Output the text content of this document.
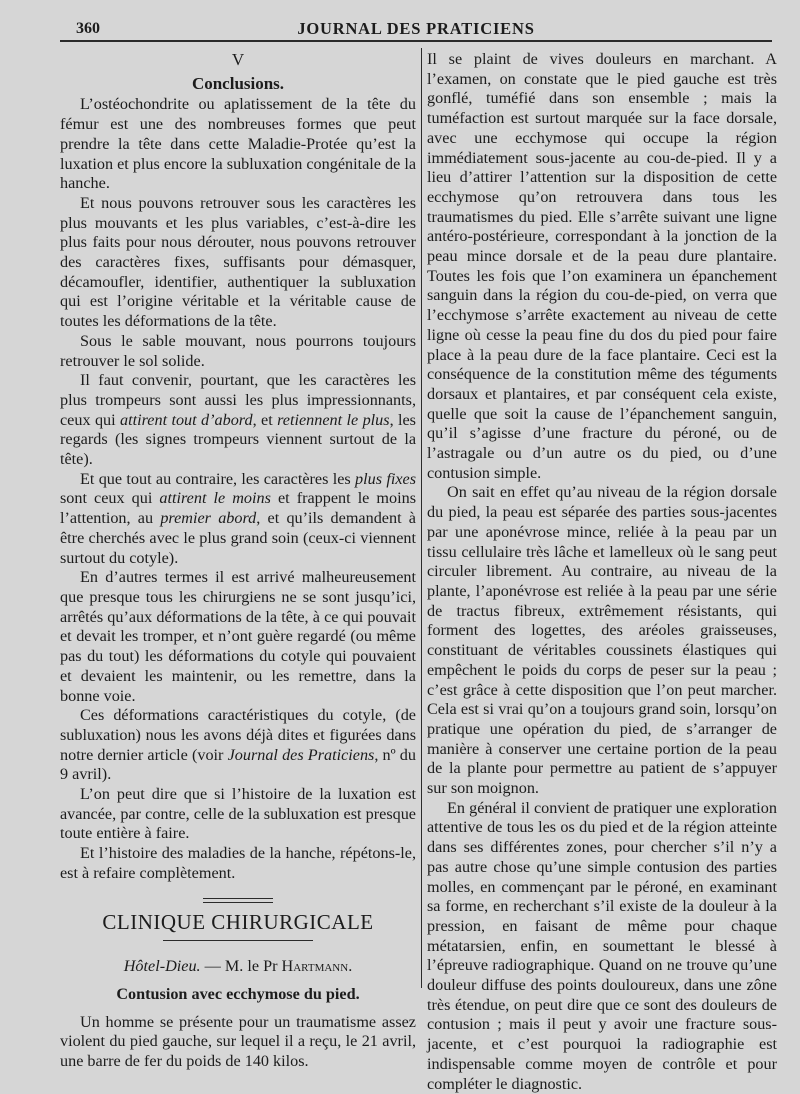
360	JOURNAL DES PRATICIENS
V
Conclusions.

L’ostéochondrite ou aplatissement de la tête du fémur est une des nombreuses formes que peut prendre la tête dans cette Maladie-Protée qu’est la luxation et plus encore la subluxation congénitale de la hanche.

Et nous pouvons retrouver sous les caractères les plus mouvants et les plus variables, c’est-à-dire les plus faits pour nous dérouter, nous pouvons retrouver des caractères fixes, suffisants pour démasquer, décamoufler, identifier, authentiquer la subluxation qui est l’origine véritable et la véritable cause de toutes les déformations de la tête.

Sous le sable mouvant, nous pourrons toujours retrouver le sol solide.

Il faut convenir, pourtant, que les caractères les plus trompeurs sont aussi les plus impressionnants, ceux qui attirent tout d’abord, et retiennent le plus, les regards (les signes trompeurs viennent surtout de la tête).

Et que tout au contraire, les caractères les plus fixes sont ceux qui attirent le moins et frappent le moins l’attention, au premier abord, et qu’ils demandent à être cherchés avec le plus grand soin (ceux-ci viennent surtout du cotyle).

En d’autres termes il est arrivé malheureusement que presque tous les chirurgiens ne se sont jusqu’ici, arrêtés qu’aux déformations de la tête, à ce qui pouvait et devait les tromper, et n’ont guère regardé (ou même pas du tout) les déformations du cotyle qui pouvaient et devaient les maintenir, ou les remettre, dans la bonne voie.

Ces déformations caractéristiques du cotyle, (de subluxation) nous les avons déjà dites et figurées dans notre dernier article (voir Journal des Praticiens, nº du 9 avril).

L’on peut dire que si l’histoire de la luxation est avancée, par contre, celle de la subluxation est presque toute entière à faire.

Et l’histoire des maladies de la hanche, répétons-le, est à refaire complètement.

CLINIQUE CHIRURGICALE
Hôtel-Dieu. — M. le Pr Hartmann.
Contusion avec ecchymose du pied.

Un homme se présente pour un traumatisme assez violent du pied gauche, sur lequel il a reçu, le 21 avril, une barre de fer du poids de 140 kilos.

Il se plaint de vives douleurs en marchant. A l’examen, on constate que le pied gauche est très gonflé, tuméfié dans son ensemble ; mais la tuméfaction est surtout marquée sur la face dorsale, avec une ecchymose qui occupe la région immédiatement sous-jacente au cou-de-pied. Il y a lieu d’attirer l’attention sur la disposition de cette ecchymose qu’on retrouvera dans tous les traumatismes du pied. Elle s’arrête suivant une ligne antéro-postérieure, correspondant à la jonction de la peau mince dorsale et de la peau dure plantaire. Toutes les fois que l’on examinera un épanchement sanguin dans la région du cou-de-pied, on verra que l’ecchymose s’arrête exactement au niveau de cette ligne où cesse la peau fine du dos du pied pour faire place à la peau dure de la face plantaire. Ceci est la conséquence de la constitution même des téguments dorsaux et plantaires, et par conséquent cela existe, quelle que soit la cause de l’épanchement sanguin, qu’il s’agisse d’une fracture du péroné, ou de l’astragale ou d’un autre os du pied, ou d’une contusion simple.

On sait en effet qu’au niveau de la région dorsale du pied, la peau est séparée des parties sous-jacentes par une aponévrose mince, reliée à la peau par un tissu cellulaire très lâche et lamelleux où le sang peut circuler librement. Au contraire, au niveau de la plante, l’aponévrose est reliée à la peau par une série de tractus fibreux, extrêmement résistants, qui forment des logettes, des aréoles graisseuses, constituant de véritables coussinets élastiques qui empêchent le poids du corps de peser sur la peau ; c’est grâce à cette disposition que l’on peut marcher. Cela est si vrai qu’on a toujours grand soin, lorsqu’on pratique une opération du pied, de s’arranger de manière à conserver une certaine portion de la peau de la plante pour permettre au patient de s’appuyer sur son moignon.

En général il convient de pratiquer une exploration attentive de tous les os du pied et de la région atteinte dans ses différentes zones, pour chercher s’il n’y a pas autre chose qu’une simple contusion des parties molles, en commençant par le péroné, en examinant sa forme, en recherchant s’il existe de la douleur à la pression, en faisant de même pour chaque métatarsien, enfin, en soumettant le blessé à l’épreuve radiographique. Quand on ne trouve qu’une douleur diffuse des points douloureux, dans une zône très étendue, on peut dire que ce sont des douleurs de contusion ; mais il peut y avoir une fracture sous-jacente, et c’est pourquoi la radiographie est indispensable comme moyen de contrôle et pour compléter le diagnostic.
